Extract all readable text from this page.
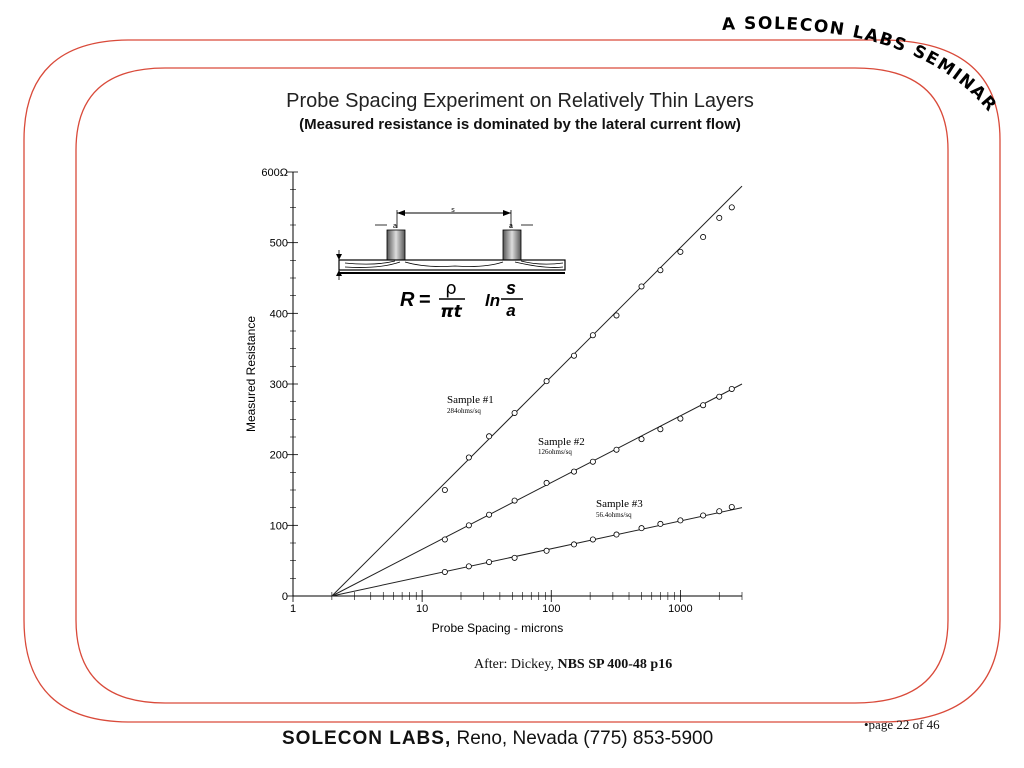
A SOLECON LABS SEMINAR
Probe Spacing Experiment on Relatively Thin Layers
(Measured resistance is dominated by the lateral current flow)
0
100
200
300
400
500
600Ω
1	10	100	1000
Probe Spacing - microns
Measured Resistance	Sample #1
284ohms/sq
Sample #2
126ohms/sq
Sample #3
56.4ohms/sq
s
a	a
R =
ρ
πt
ln
s
a
After: Dickey, NBS SP 400-48 p16
•page 22 of 46
SOLECON LABS, Reno, Nevada (775) 853-5900
